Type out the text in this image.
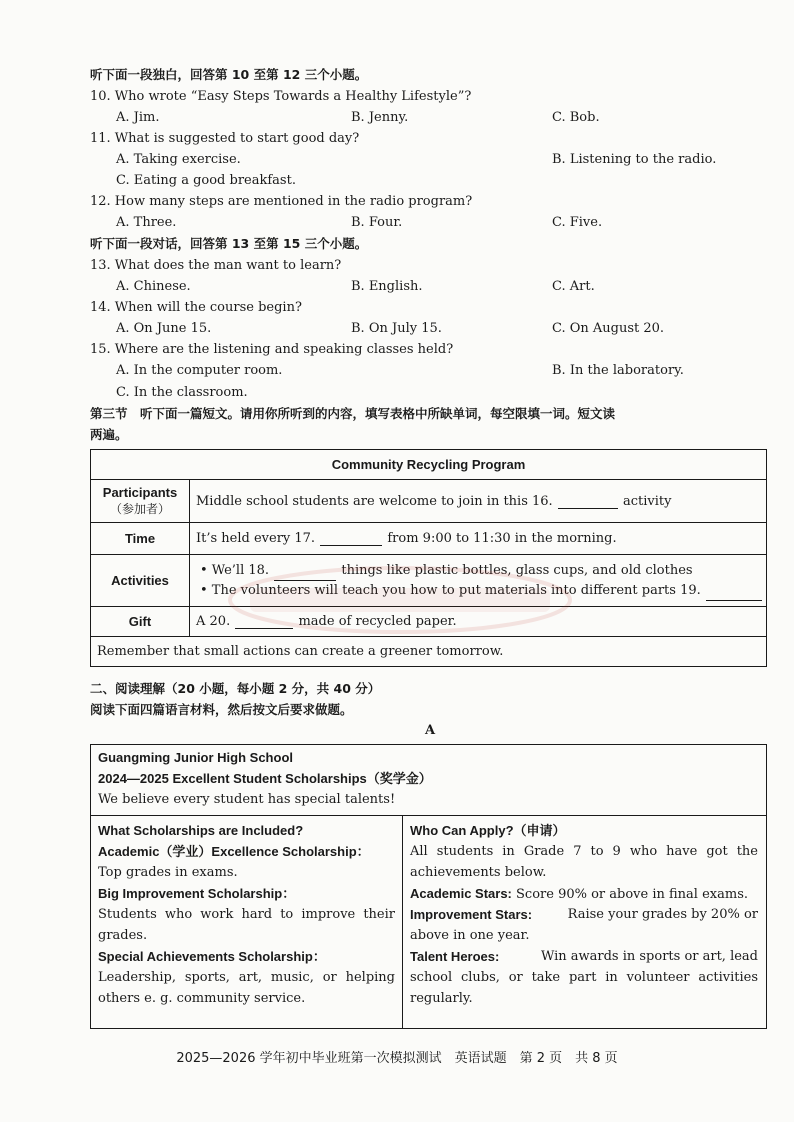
听下面一段独白，回答第 10 至第 12 三个小题。
10. Who wrote “Easy Steps Towards a Healthy Lifestyle”?
A. Jim.	B. Jenny.	C. Bob.
11. What is suggested to start good day?
A. Taking exercise.	B. Listening to the radio.
C. Eating a good breakfast.
12. How many steps are mentioned in the radio program?
A. Three.	B. Four.	C. Five.
听下面一段对话，回答第 13 至第 15 三个小题。
13. What does the man want to learn?
A. Chinese.	B. English.	C. Art.
14. When will the course begin?
A. On June 15.	B. On July 15.	C. On August 20.
15. Where are the listening and speaking classes held?
A. In the computer room.	B. In the laboratory.
C. In the classroom.
第三节　听下面一篇短文。请用你所听到的内容，填写表格中所缺单词，每空限填一词。短文读
两遍。
Community Recycling Program	

Participants
（参加者）	Middle school students are welcome to join in this 16. activity
Time	It’s held every 17. from 9:00 to 11:30 in the morning.
Activities	• We’ll 18. things like plastic bottles, glass cups, and old clothes
• The volunteers will teach you how to put materials into different parts 19.

Gift	A 20. made of recycled paper.
Remember that small actions can create a greener tomorrow.	
二、阅读理解（20 小题，每小题 2 分，共 40 分）
阅读下面四篇语言材料，然后按文后要求做题。
A
Guangming Junior High School
2024—2025 Excellent Student Scholarships（奖学金）
We believe every student has special talents!
What Scholarships are Included?
Academic（学业）Excellence Scholarship：
Top grades in exams.
Big Improvement Scholarship：
Students who work hard to improve their
grades.
Special Achievements Scholarship：
Leadership, sports, art, music, or helping
others e. g. community service.
Who Can Apply?（申请）
All students in Grade 7 to 9 who have got the
achievements below.
Academic Stars: Score 90% or above in final exams.
Improvement Stars:	Raise your grades by 20% or
above in one year.
Talent Heroes:	Win awards in sports or art, lead
school clubs, or take part in volunteer activities
regularly.
2025—2026 学年初中毕业班第一次模拟测试　英语试题　第 2 页　共 8 页
